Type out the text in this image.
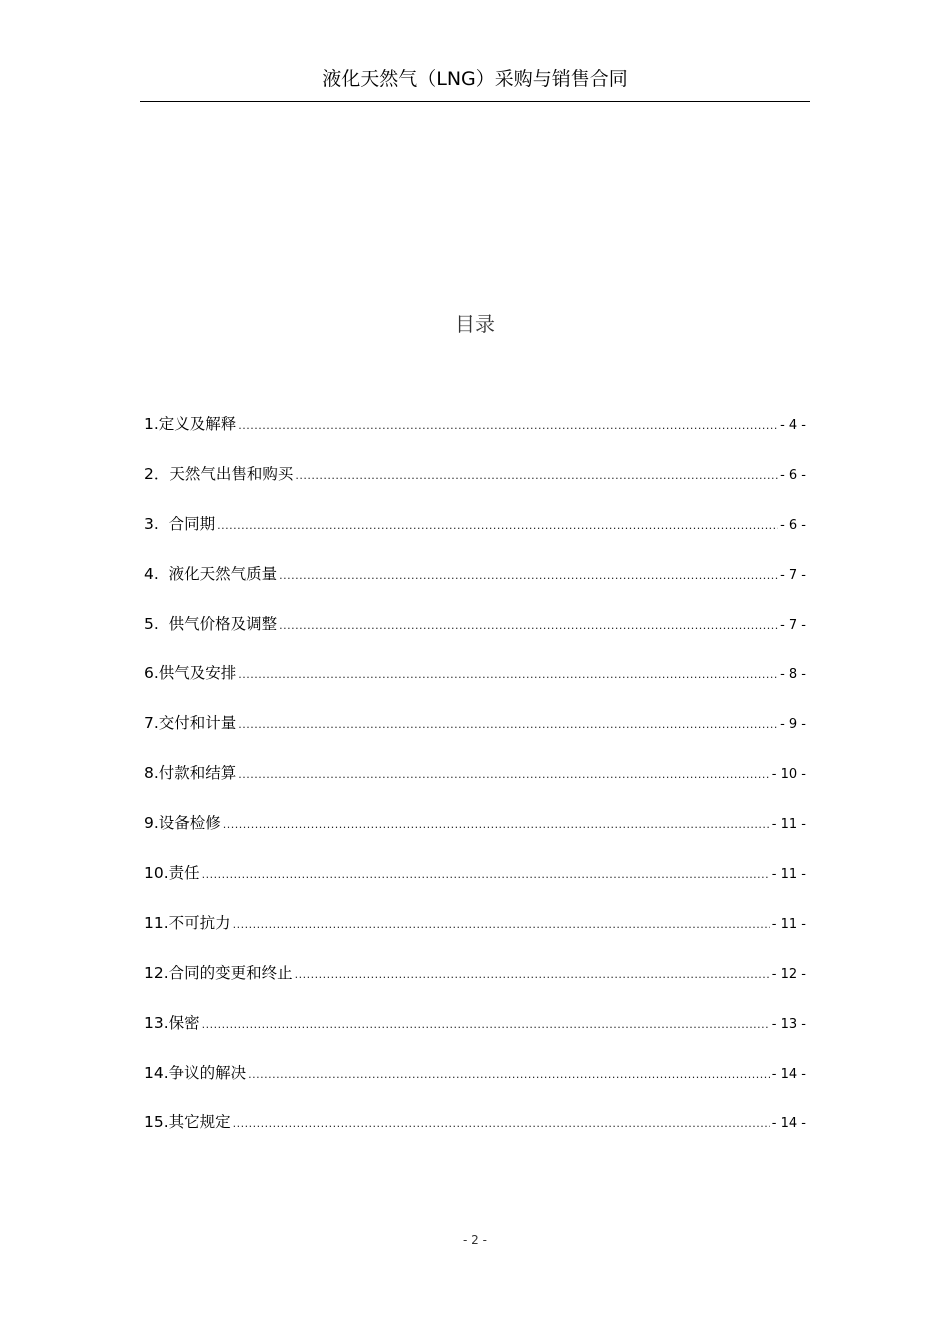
液化天然气（LNG）采购与销售合同
目录
1.定义及解释 .....	- 4 -
2．天然气出售和购买 .....	- 6 -
3.  合同期 .....	- 6 -
4.  液化天然气质量 .....	- 7 -
5.  供气价格及调整 .....	- 7 -
6.供气及安排 .....	- 8 -
7.交付和计量 .....	- 9 -
8.付款和结算 .....	- 10 -
9.设备检修 .....	- 11 -
10.责任 .....	- 11 -
11.不可抗力 .....	- 11 -
12.合同的变更和终止 .....	- 12 -
13.保密 .....	- 13 -
14.争议的解决 .....	- 14 -
15.其它规定 .....	- 14 -
- 2 -
